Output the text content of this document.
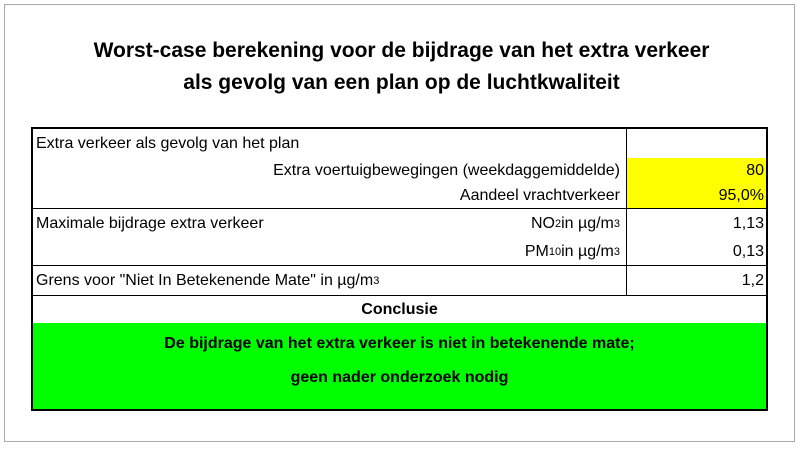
Worst-case berekening voor de bijdrage van het extra verkeer
als gevolg van een plan op de luchtkwaliteit
Extra verkeer als gevolg van het plan
Extra voertuigbewegingen (weekdaggemiddelde)	80
Aandeel vrachtverkeer	95,0%
Maximale bijdrage extra verkeer	NO 2 in µg/m 3	1,13
PM 10 in µg/m 3	0,13
Grens voor "Niet In Betekenende Mate" in µg/m 3	1,2
Conclusie
De bijdrage van het extra verkeer is niet in betekenende mate;
geen nader onderzoek nodig
